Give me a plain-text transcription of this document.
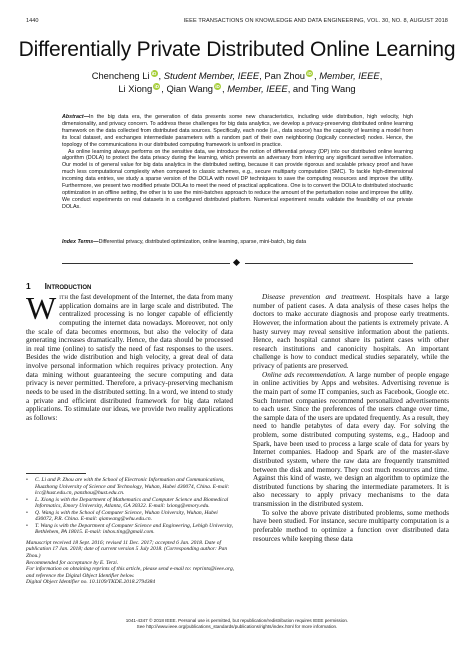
1440	IEEE TRANSACTIONS ON KNOWLEDGE AND DATA ENGINEERING, VOL. 30, NO. 8, AUGUST 2018
Differentially Private Distributed Online Learning
Chencheng Li iD , Student Member, IEEE, Pan Zhou iD , Member, IEEE,
Li Xiong iD , Qian Wang iD , Member, IEEE, and Ting Wang

Abstract—In the big data era, the generation of data presents some new characteristics, including wide distribution, high velocity, high dimensionality, and privacy concern. To address these challenges for big data analytics, we develop a privacy-preserving distributed online learning framework on the data collected from distributed data sources. Specifically, each node (i.e., data source) has the capacity of learning a model from its local dataset, and exchanges intermediate parameters with a random part of their own neighboring (logically connected) nodes. Hence, the topology of the communications in our distributed computing framework is unfixed in practice.

As online learning always performs on the sensitive data, we introduce the notion of differential privacy (DP) into our distributed online learning algorithm (DOLA) to protect the data privacy during the learning, which prevents an adversary from inferring any significant sensitive information. Our model is of general value for big data analytics in the distributed setting, because it can provide rigorous and scalable privacy proof and have much less computational complexity when compared to classic schemes, e.g., secure multiparty computation (SMC). To tackle high-dimensional incoming data entries, we study a sparse version of the DOLA with novel DP techniques to save the computing resources and improve the utility. Furthermore, we present two modified private DOLAs to meet the need of practical applications. One is to convert the DOLA to distributed stochastic optimization in an offline setting, the other is to use the mini-batches approach to reduce the amount of the perturbation noise and improve the utility. We conduct experiments on real datasets in a configured distributed platform. Numerical experiment results validate the feasibility of our private DOLAs.

Index Terms—Differential privacy, distributed optimization, online learning, sparse, mini-batch, big data
1 Introduction

With the fast development of the Internet, the data from many application domains are in large scale and distributed. The centralized processing is no longer capable of efficiently computing the internet data nowadays. Moreover, not only the scale of data becomes enormous, but also the velocity of data generating increases dramatically. Hence, the data should be processed in real time (online) to satisfy the need of fast responses to the users. Besides the wide distribution and high velocity, a great deal of data involve personal information which requires privacy protection. Any data mining without guaranteeing the secure computing and data privacy is never permitted. Therefore, a privacy-preserving mechanism needs to be used in the distributed setting. In a word, we intend to study a private and efficient distributed framework for big data related applications. To stimulate our ideas, we provide two reality applications as follows:

• C. Li and P. Zhou are with the School of Electronic Information and Communications, Huazhong University of Science and Technology, Wuhan, Hubei 430074, China. E-mail: lcc@hust.edu.cn, panzhou@hust.edu.cn.
• L. Xiong is with the Department of Mathematics and Computer Science and Biomedical Informatics, Emory University, Atlanta, GA 30322. E-mail: lxiong@emory.edu.
• Q. Wang is with the School of Computer Science, Wuhan University, Wuhan, Hubei 430072, P.R. China. E-mail: qianwang@whu.edu.cn.
• T. Wang is with the Department of Computer Science and Engineering, Lehigh University, Bethlehem, PA 18015. E-mail: inbox.ting@gmail.com.

Manuscript received 18 Sept. 2016; revised 11 Dec. 2017; accepted 6 Jan. 2018. Date of publication 17 Jan. 2018; date of current version 5 July 2018. (Corresponding author: Pan Zhou.)

Recommended for acceptance by E. Terzi.

For information on obtaining reprints of this article, please send e-mail to: reprints@ieee.org, and reference the Digital Object Identifier below.

Digital Object Identifier no. 10.1109/TKDE.2018.2794384

Disease prevention and treatment. Hospitals have a large number of patient cases. A data analysis of these cases helps the doctors to make accurate diagnosis and propose early treatments. However, the information about the patients is extremely private. A hasty survey may reveal sensitive information about the patients. Hence, each hospital cannot share its patient cases with other research institutions and canonicity hospitals. An important challenge is how to conduct medical studies separately, while the privacy of patients are preserved.

Online ads recommendation. A large number of people engage in online activities by Apps and websites. Advertising revenue is the main part of some IT companies, such as Facebook, Google etc. Such Internet companies recommend personalized advertisements to each user. Since the preferences of the users change over time, the sample data of the users are updated frequently. As a result, they need to handle petabytes of data every day. For solving the problem, some distributed computing systems, e.g., Hadoop and Spark, have been used to process a large scale of data for years by Internet companies. Hadoop and Spark are of the master-slave distributed system, where the raw data are frequently transmitted between the disk and memory. They cost much resources and time. Against this kind of waste, we design an algorithm to optimize the distributed functions by sharing the intermediate parameters. It is also necessary to apply privacy mechanisms to the data transmission in the distributed system.

To solve the above private distributed problems, some methods have been studied. For instance, secure multiparty computation is a preferable method to optimize a function over distributed data resources while keeping these data

1041-4347 © 2018 IEEE. Personal use is permitted, but republication/redistribution requires IEEE permission.

See http://www.ieee.org/publications_standards/publications/rights/index.html for more information.
